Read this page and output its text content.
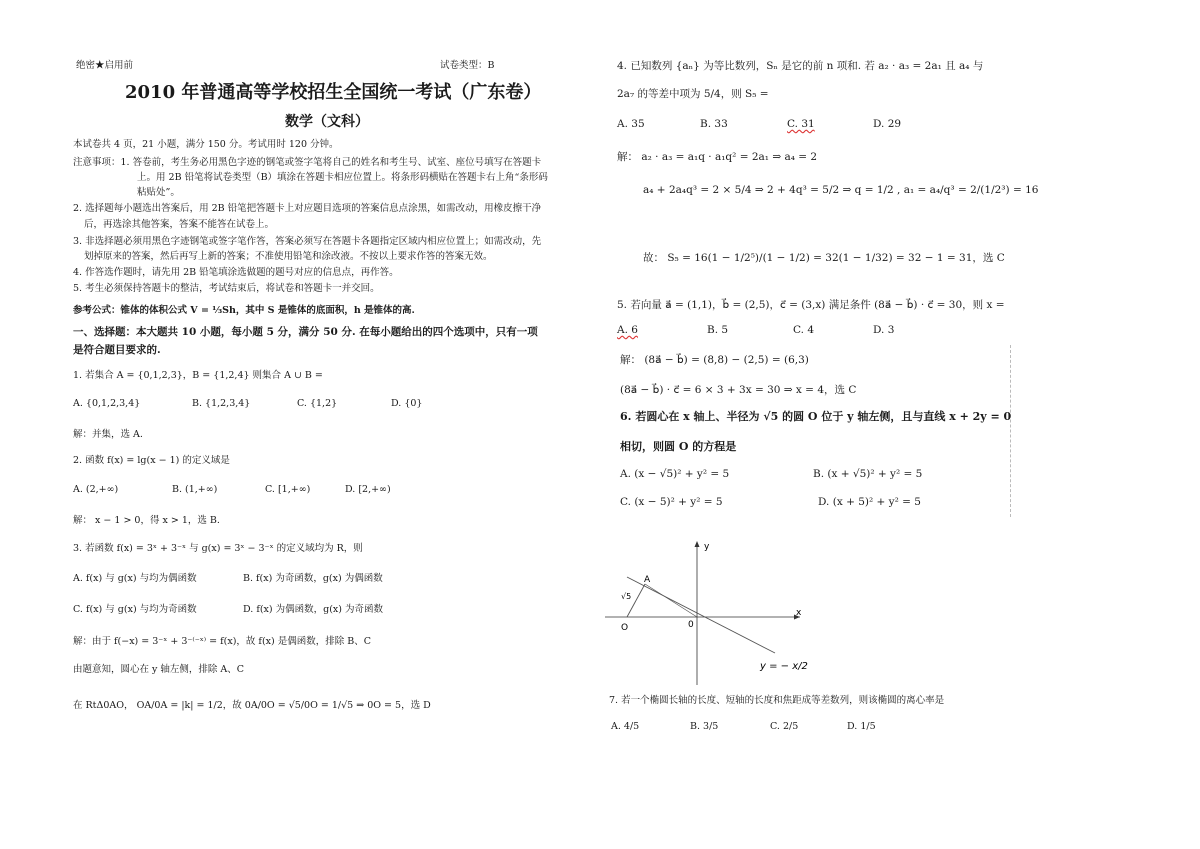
绝密★启用前	试卷类型：B
2010 年普通高等学校招生全国统一考试（广东卷）
数学（文科）
本试卷共 4 页，21 小题，满分 150 分。考试用时 120 分钟。
注意事项：1. 答卷前，考生务必用黑色字迹的钢笔或签字笔将自己的姓名和考生号、试室、座位号填写在答题卡
上。用 2B 铅笔将试卷类型（B）填涂在答题卡相应位置上。将条形码横贴在答题卡右上角“条形码
粘贴处”。
2. 选择题每小题选出答案后，用 2B 铅笔把答题卡上对应题目选项的答案信息点涂黑，如需改动，用橡皮擦干净
后，再选涂其他答案，答案不能答在试卷上。
3. 非选择题必须用黑色字迹钢笔或签字笔作答，答案必须写在答题卡各题指定区域内相应位置上；如需改动，先
划掉原来的答案，然后再写上新的答案；不准使用铅笔和涂改液。不按以上要求作答的答案无效。
4. 作答选作题时，请先用 2B 铅笔填涂选做题的题号对应的信息点，再作答。
5. 考生必须保持答题卡的整洁，考试结束后，将试卷和答题卡一并交回。
参考公式：锥体的体积公式 V = ⅓Sh，其中 S 是锥体的底面积，h 是锥体的高.
一、选择题：本大题共 10 小题，每小题 5 分，满分 50 分. 在每小题给出的四个选项中，只有一项
是符合题目要求的.
1. 若集合 A = {0,1,2,3}，B = {1,2,4} 则集合 A ∪ B =
A. {0,1,2,3,4}	B. {1,2,3,4}	C. {1,2}	D. {0}
解：并集，选 A.
2. 函数 f(x) = lg(x − 1) 的定义域是
A. (2,+∞)	B. (1,+∞)	C. [1,+∞)	D. [2,+∞)
解： x − 1 > 0，得 x > 1，选 B.
3. 若函数 f(x) = 3ˣ + 3⁻ˣ 与 g(x) = 3ˣ − 3⁻ˣ 的定义域均为 R，则
A. f(x) 与 g(x) 与均为偶函数	B. f(x) 为奇函数，g(x) 为偶函数
C. f(x) 与 g(x) 与均为奇函数	D. f(x) 为偶函数，g(x) 为奇函数
解：由于 f(−x) = 3⁻ˣ + 3⁻⁽⁻ˣ⁾ = f(x)，故 f(x) 是偶函数，排除 B、C
由题意知，圆心在 y 轴左侧，排除 A、C
在 RtΔ0AO， OA/0A = |k| = 1/2，故 0A/0O = √5/0O = 1/√5 ⇒ 0O = 5，选 D
4. 已知数列 {aₙ} 为等比数列，Sₙ 是它的前 n 项和. 若 a₂ · a₃ = 2a₁ 且 a₄ 与
2a₇ 的等差中项为 5/4，则 S₅ =
A. 35	B. 33	C. 31	D. 29
解： a₂ · a₃ = a₁q · a₁q² = 2a₁ ⇒ a₄ = 2
a₄ + 2a₄q³ = 2 × 5/4 ⇒ 2 + 4q³ = 5/2 ⇒ q = 1/2 , a₁ = a₄/q³ = 2/(1/2³) = 16
故： S₅ = 16(1 − 1/2⁵)/(1 − 1/2) = 32(1 − 1/32) = 32 − 1 = 31，选 C
5. 若向量 a⃗ = (1,1)，b⃗ = (2,5)，c⃗ = (3,x) 满足条件 (8a⃗ − b⃗) · c⃗ = 30，则 x =
A. 6	B. 5	C. 4	D. 3
解： (8a⃗ − b⃗) = (8,8) − (2,5) = (6,3)
(8a⃗ − b⃗) · c⃗ = 6 × 3 + 3x = 30 ⇒ x = 4，选 C
6. 若圆心在 x 轴上、半径为 √5 的圆 O 位于 y 轴左侧，且与直线 x + 2y = 0
相切，则圆 O 的方程是
A. (x − √5)² + y² = 5	B. (x + √5)² + y² = 5
C. (x − 5)² + y² = 5	D. (x + 5)² + y² = 5
y
x
A
O	0
√5
y = − x/2
7. 若一个椭圆长轴的长度、短轴的长度和焦距成等差数列，则该椭圆的离心率是
A. 4/5	B. 3/5	C. 2/5	D. 1/5
